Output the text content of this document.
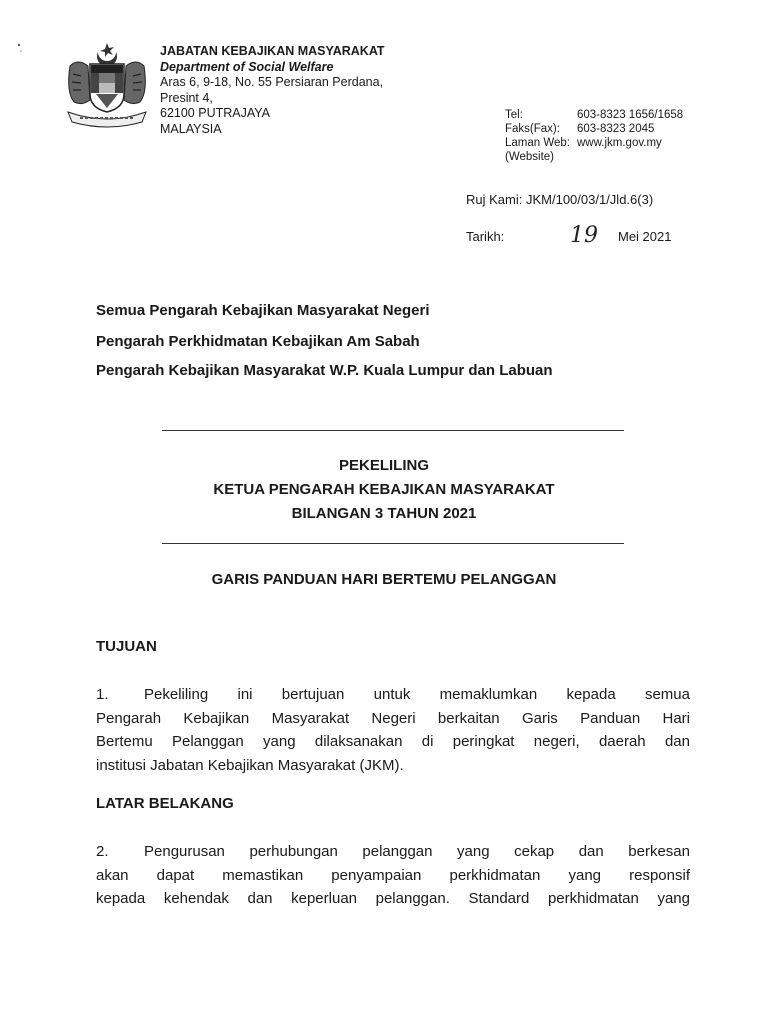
JABATAN KEBAJIKAN MASYARAKAT
Department of Social Welfare
Aras 6, 9-18, No. 55 Persiaran Perdana,
Presint 4,
62100 PUTRAJAYA
MALAYSIA
Tel:	603-8323 1656/1658
Faks(Fax):	603-8323 2045
Laman Web: www.jkm.gov.my
(Website)
Ruj Kami: JKM/100/03/1/Jld.6(3)
Tarikh:	19 Mei 2021
Semua Pengarah Kebajikan Masyarakat Negeri
Pengarah Perkhidmatan Kebajikan Am Sabah
Pengarah Kebajikan Masyarakat W.P. Kuala Lumpur dan Labuan
PEKELILING
KETUA PENGARAH KEBAJIKAN MASYARAKAT
BILANGAN 3 TAHUN 2021
GARIS PANDUAN HARI BERTEMU PELANGGAN
TUJUAN
1. Pekeliling ini bertujuan untuk memaklumkan kepada semua
Pengarah Kebajikan Masyarakat Negeri berkaitan Garis Panduan Hari
Bertemu Pelanggan yang dilaksanakan di peringkat negeri, daerah dan
institusi Jabatan Kebajikan Masyarakat (JKM).
LATAR BELAKANG
2. Pengurusan perhubungan pelanggan yang cekap dan berkesan
akan dapat memastikan penyampaian perkhidmatan yang responsif
kepada kehendak dan keperluan pelanggan. Standard perkhidmatan yang
